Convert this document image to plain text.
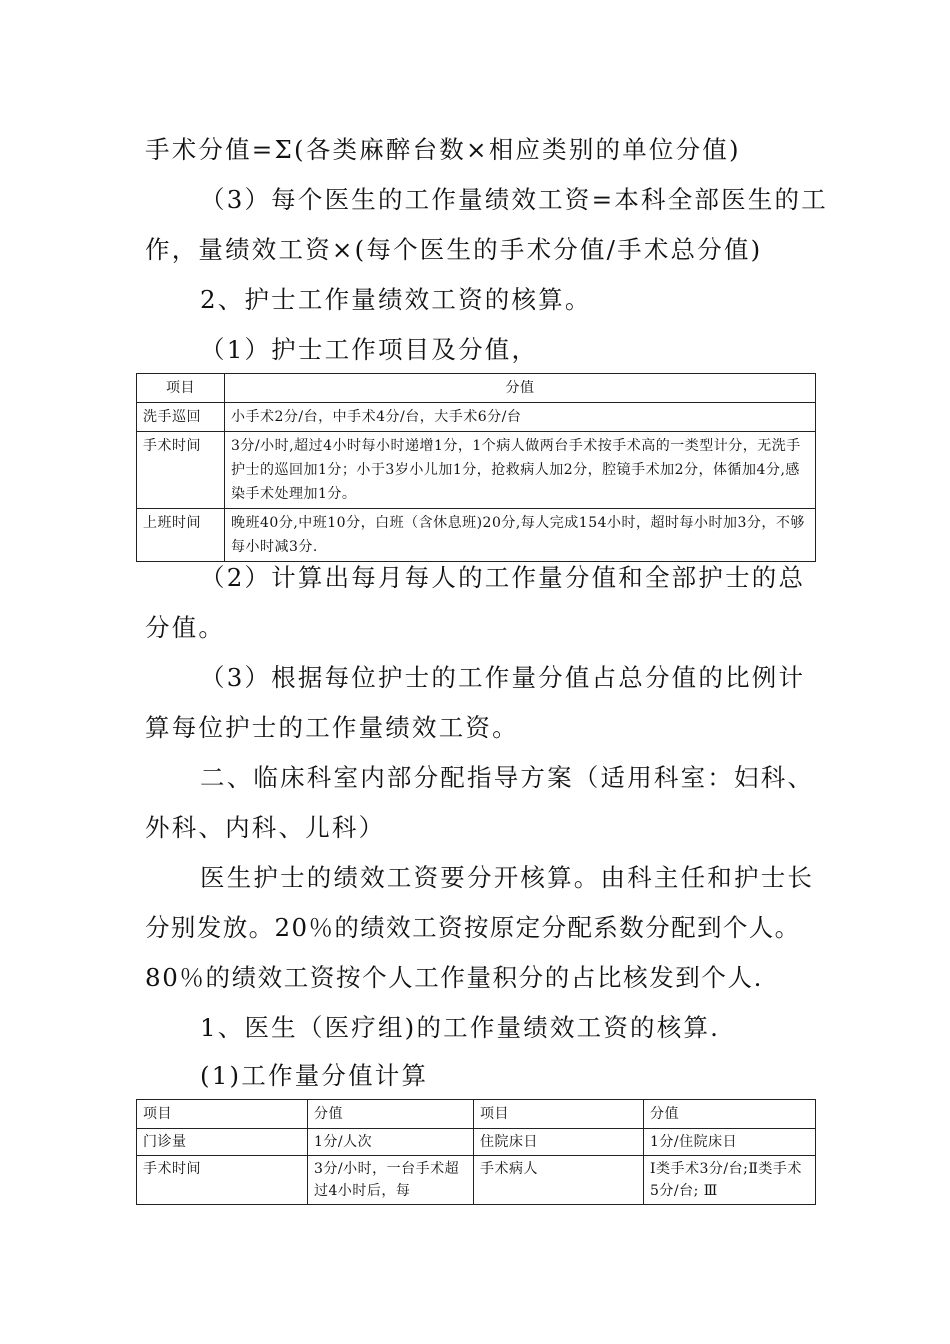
手术分值=Σ(各类麻醉台数×相应类别的单位分值)
（3）每个医生的工作量绩效工资=本科全部医生的工
作，量绩效工资×(每个医生的手术分值/手术总分值)
2、护士工作量绩效工资的核算。
（1）护士工作项目及分值，
项目	分值
洗手巡回	小手术2分/台，中手术4分/台，大手术6分/台
手术时间	3分/小时,超过4小时每小时递增1分，1个病人做两台手术按手术高的一类型计分，无洗手护士的巡回加1分；小于3岁小儿加1分，抢救病人加2分，腔镜手术加2分，体循加4分,感染手术处理加1分。
上班时间	晚班40分,中班10分，白班（含休息班)20分,每人完成154小时，超时每小时加3分，不够每小时减3分.
（2）计算出每月每人的工作量分值和全部护士的总
分值。
（3）根据每位护士的工作量分值占总分值的比例计
算每位护士的工作量绩效工资。
二、临床科室内部分配指导方案（适用科室：妇科、
外科、内科、儿科）
医生护士的绩效工资要分开核算。由科主任和护士长
分别发放。20％的绩效工资按原定分配系数分配到个人。
80％的绩效工资按个人工作量积分的占比核发到个人.
1、医生（医疗组)的工作量绩效工资的核算.
(1)工作量分值计算
项目	分值	项目	分值
门诊量	1分/人次	住院床日	1分/住院床日
手术时间	3分/小时，一台手术超过4小时后，每	手术病人	Ⅰ类手术3分/台;Ⅱ类手术5分/台; Ⅲ
